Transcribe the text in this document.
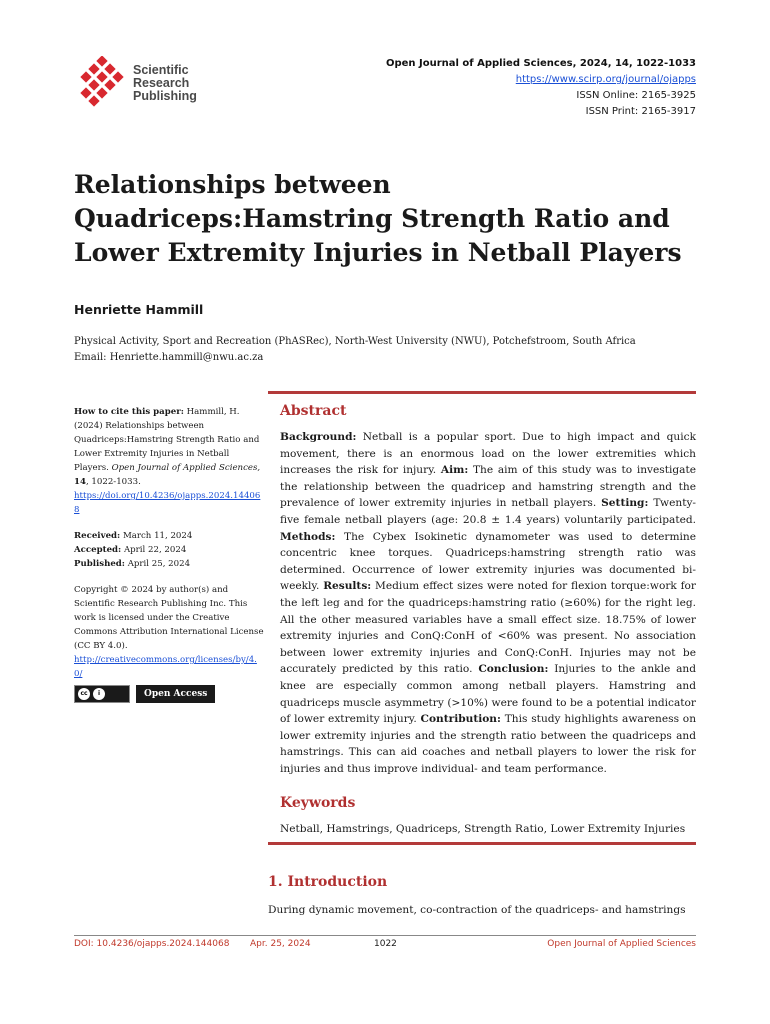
Scientific
Research
Publishing
Open Journal of Applied Sciences, 2024, 14, 1022-1033
https://www.scirp.org/journal/ojapps
ISSN Online: 2165-3925
ISSN Print: 2165-3917
Relationships between Quadriceps:Hamstring Strength Ratio and Lower Extremity Injuries in Netball Players
Henriette Hammill
Physical Activity, Sport and Recreation (PhASRec), North-West University (NWU), Potchefstroom, South Africa
Email: Henriette.hammill@nwu.ac.za
How to cite this paper: Hammill, H. (2024) Relationships between Quadriceps:Hamstring Strength Ratio and Lower Extremity Injuries in Netball Players. Open Journal of Applied Sciences, 14, 1022-1033.
https://doi.org/10.4236/ojapps.2024.144068
Received: March 11, 2024
Accepted: April 22, 2024
Published: April 25, 2024
Copyright © 2024 by author(s) and Scientific Research Publishing Inc. This work is licensed under the Creative Commons Attribution International License (CC BY 4.0).
http://creativecommons.org/licenses/by/4.0/
cc	i	Open Access
Abstract
Background: Netball is a popular sport. Due to high impact and quick movement, there is an enormous load on the lower extremities which increases the risk for injury. Aim: The aim of this study was to investigate the relationship between the quadricep and hamstring strength and the prevalence of lower extremity injuries in netball players. Setting: Twenty-five female netball players (age: 20.8 ± 1.4 years) voluntarily participated. Methods: The Cybex Isokinetic dynamometer was used to determine concentric knee torques. Quadriceps:hamstring strength ratio was determined. Occurrence of lower extremity injuries was documented bi-weekly. Results: Medium effect sizes were noted for flexion torque:work for the left leg and for the quadriceps:hamstring ratio (≥60%) for the right leg. All the other measured variables have a small effect size. 18.75% of lower extremity injuries and ConQ:ConH of <60% was present. No association between lower extremity injuries and ConQ:ConH. Injuries may not be accurately predicted by this ratio. Conclusion: Injuries to the ankle and knee are especially common among netball players. Hamstring and quadriceps muscle asymmetry (>10%) were found to be a potential indicator of lower extremity injury. Contribution: This study highlights awareness on lower extremity injuries and the strength ratio between the quadriceps and hamstrings. This can aid coaches and netball players to lower the risk for injuries and thus improve individual- and team performance.
Keywords
Netball, Hamstrings, Quadriceps, Strength Ratio, Lower Extremity Injuries
1. Introduction
During dynamic movement, co-contraction of the quadriceps- and hamstrings
DOI: 10.4236/ojapps.2024.144068 Apr. 25, 2024	1022	Open Journal of Applied Sciences
